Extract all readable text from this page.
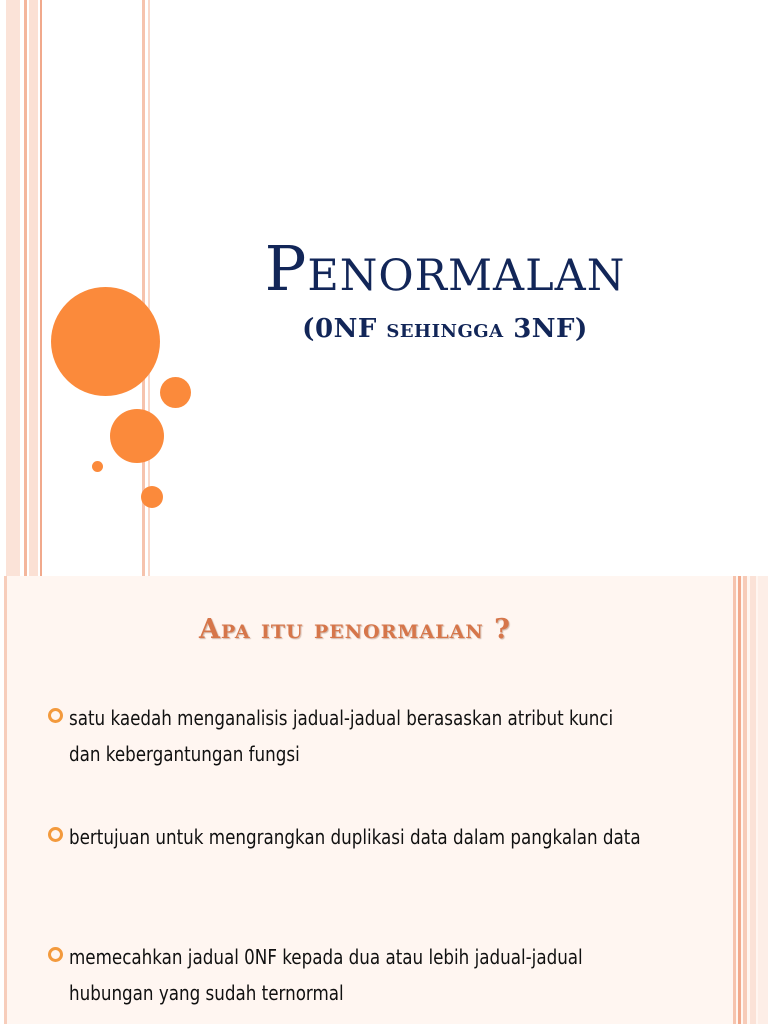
Penormalan
(0NF sehingga 3NF)
Apa itu penormalan ?
satu kaedah menganalisis jadual-jadual berasaskan atribut kunci dan kebergantungan fungsi
bertujuan untuk mengrangkan duplikasi data dalam pangkalan data
memecahkan jadual 0NF kepada dua atau lebih jadual-jadual hubungan yang sudah ternormal
